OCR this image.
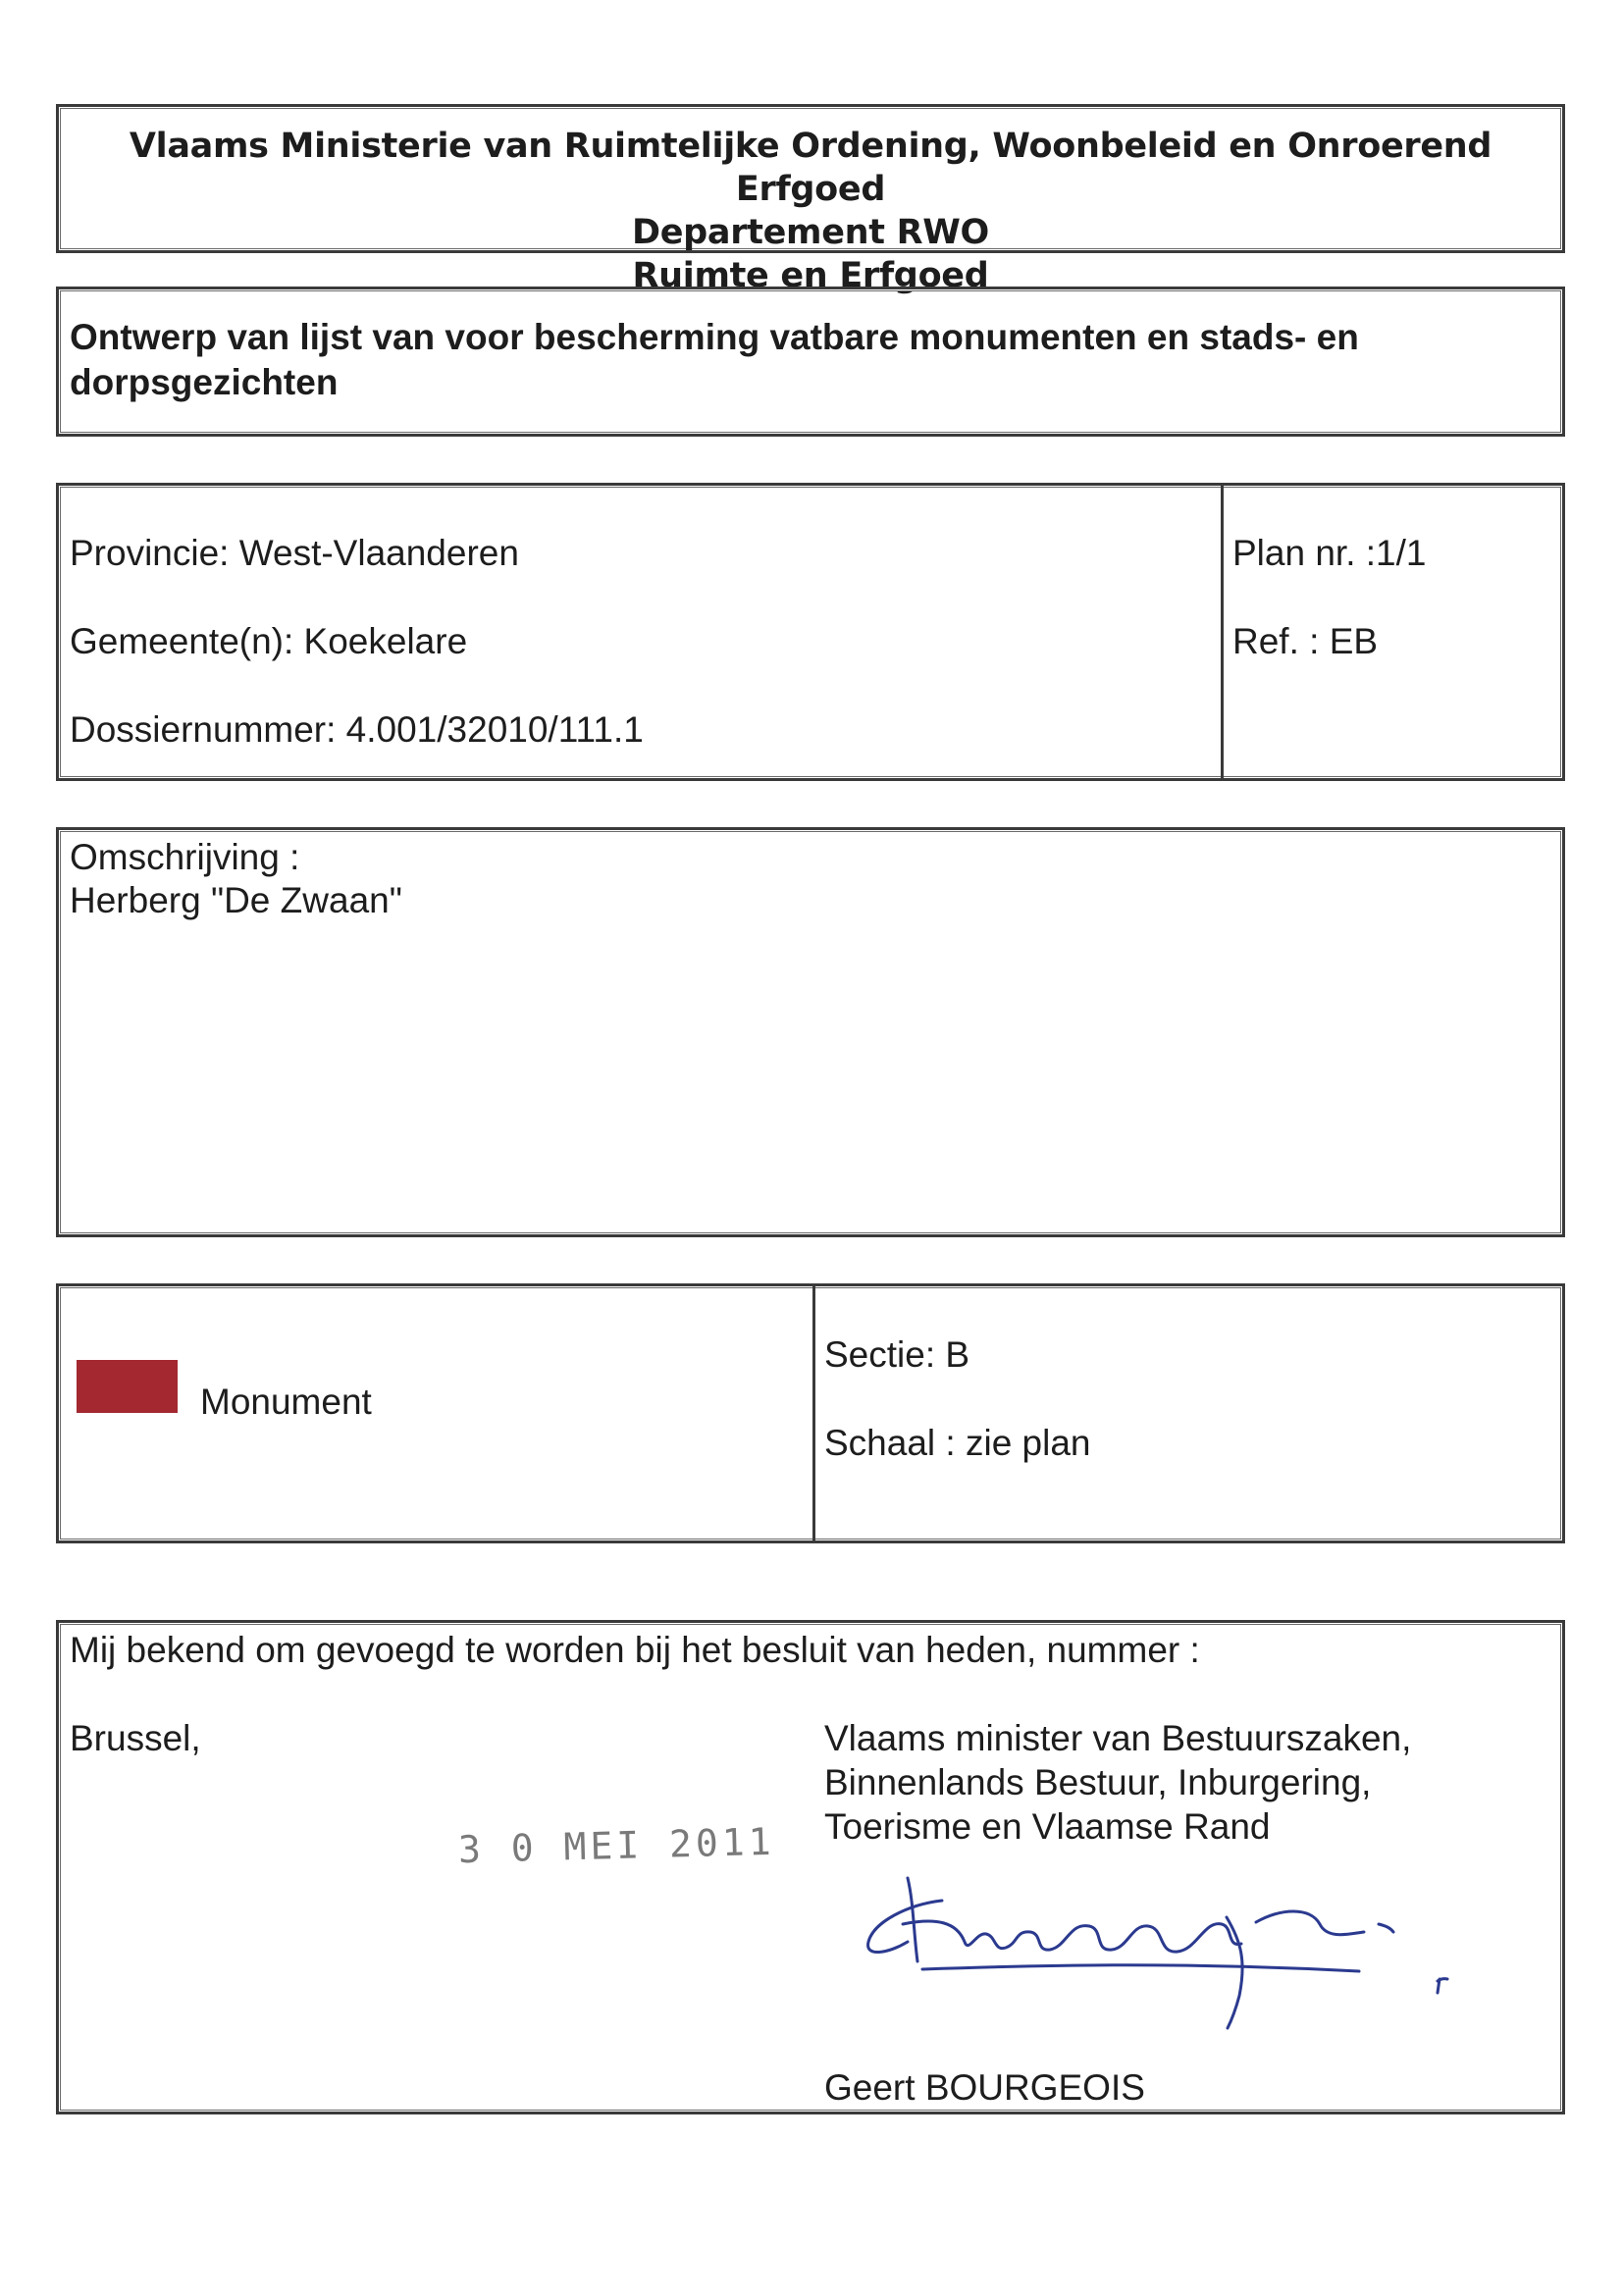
Vlaams Ministerie van Ruimtelijke Ordening, Woonbeleid en Onroerend Erfgoed
Departement RWO
Ruimte en Erfgoed
Ontwerp van lijst van voor bescherming vatbare monumenten en stads- en
dorpsgezichten
Provincie: West-Vlaanderen
Gemeente(n): Koekelare
Dossiernummer: 4.001/32010/111.1
Plan nr. :1/1
Ref. : EB
Omschrijving :
Herberg "De Zwaan"
Monument
Sectie: B
Schaal : zie plan
Mij bekend om gevoegd te worden bij het besluit van heden, nummer :
Brussel,
3 0 MEI 2011
Vlaams minister van Bestuurszaken,
Binnenlands Bestuur, Inburgering,
Toerisme en Vlaamse Rand
Geert BOURGEOIS
